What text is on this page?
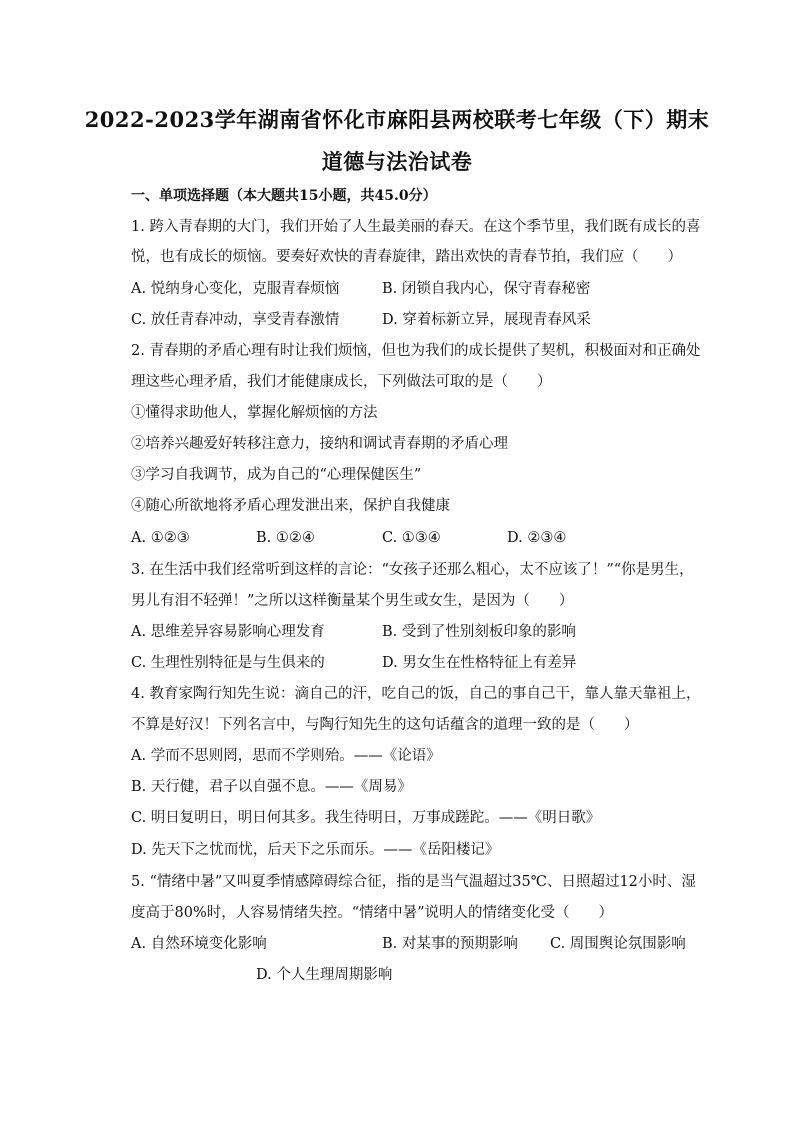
2022-2023学年湖南省怀化市麻阳县两校联考七年级（下）期末
道德与法治试卷

一、单项选择题（本大题共15小题，共45.0分）

1. 跨入青春期的大门，我们开始了人生最美丽的春天。在这个季节里，我们既有成长的喜

悦，也有成长的烦恼。要奏好欢快的青春旋律，踏出欢快的青春节拍，我们应（　　）

A. 悦纳身心变化，克服青春烦恼	B. 闭锁自我内心，保守青春秘密

C. 放任青春冲动，享受青春激情	D. 穿着标新立异，展现青春风采

2. 青春期的矛盾心理有时让我们烦恼，但也为我们的成长提供了契机，积极面对和正确处

理这些心理矛盾，我们才能健康成长，下列做法可取的是（　　）

①懂得求助他人，掌握化解烦恼的方法

②培养兴趣爱好转移注意力，接纳和调试青春期的矛盾心理

③学习自我调节，成为自己的“心理保健医生”

④随心所欲地将矛盾心理发泄出来，保护自我健康

A. ①②③	B. ①②④	C. ①③④	D. ②③④

3. 在生活中我们经常听到这样的言论：“女孩子还那么粗心，太不应该了！”“你是男生，

男儿有泪不轻弹！”之所以这样衡量某个男生或女生，是因为（　　）

A. 思维差异容易影响心理发育	B. 受到了性别刻板印象的影响

C. 生理性别特征是与生俱来的	D. 男女生在性格特征上有差异

4. 教育家陶行知先生说：滴自己的汗，吃自己的饭，自己的事自己干，靠人靠天靠祖上，

不算是好汉！下列名言中，与陶行知先生的这句话蕴含的道理一致的是（　　）

A. 学而不思则罔，思而不学则殆。——《论语》

B. 天行健，君子以自强不息。——《周易》

C. 明日复明日，明日何其多。我生待明日，万事成蹉跎。——《明日歌》

D. 先天下之忧而忧，后天下之乐而乐。——《岳阳楼记》

5. “情绪中暑”又叫夏季情感障碍综合征，指的是当气温超过35℃、日照超过12小时、湿

度高于80%时，人容易情绪失控。“情绪中暑”说明人的情绪变化受（　　）

A. 自然环境变化影响	B. 对某事的预期影响 C. 周围舆论氛围影响

D. 个人生理周期影响
